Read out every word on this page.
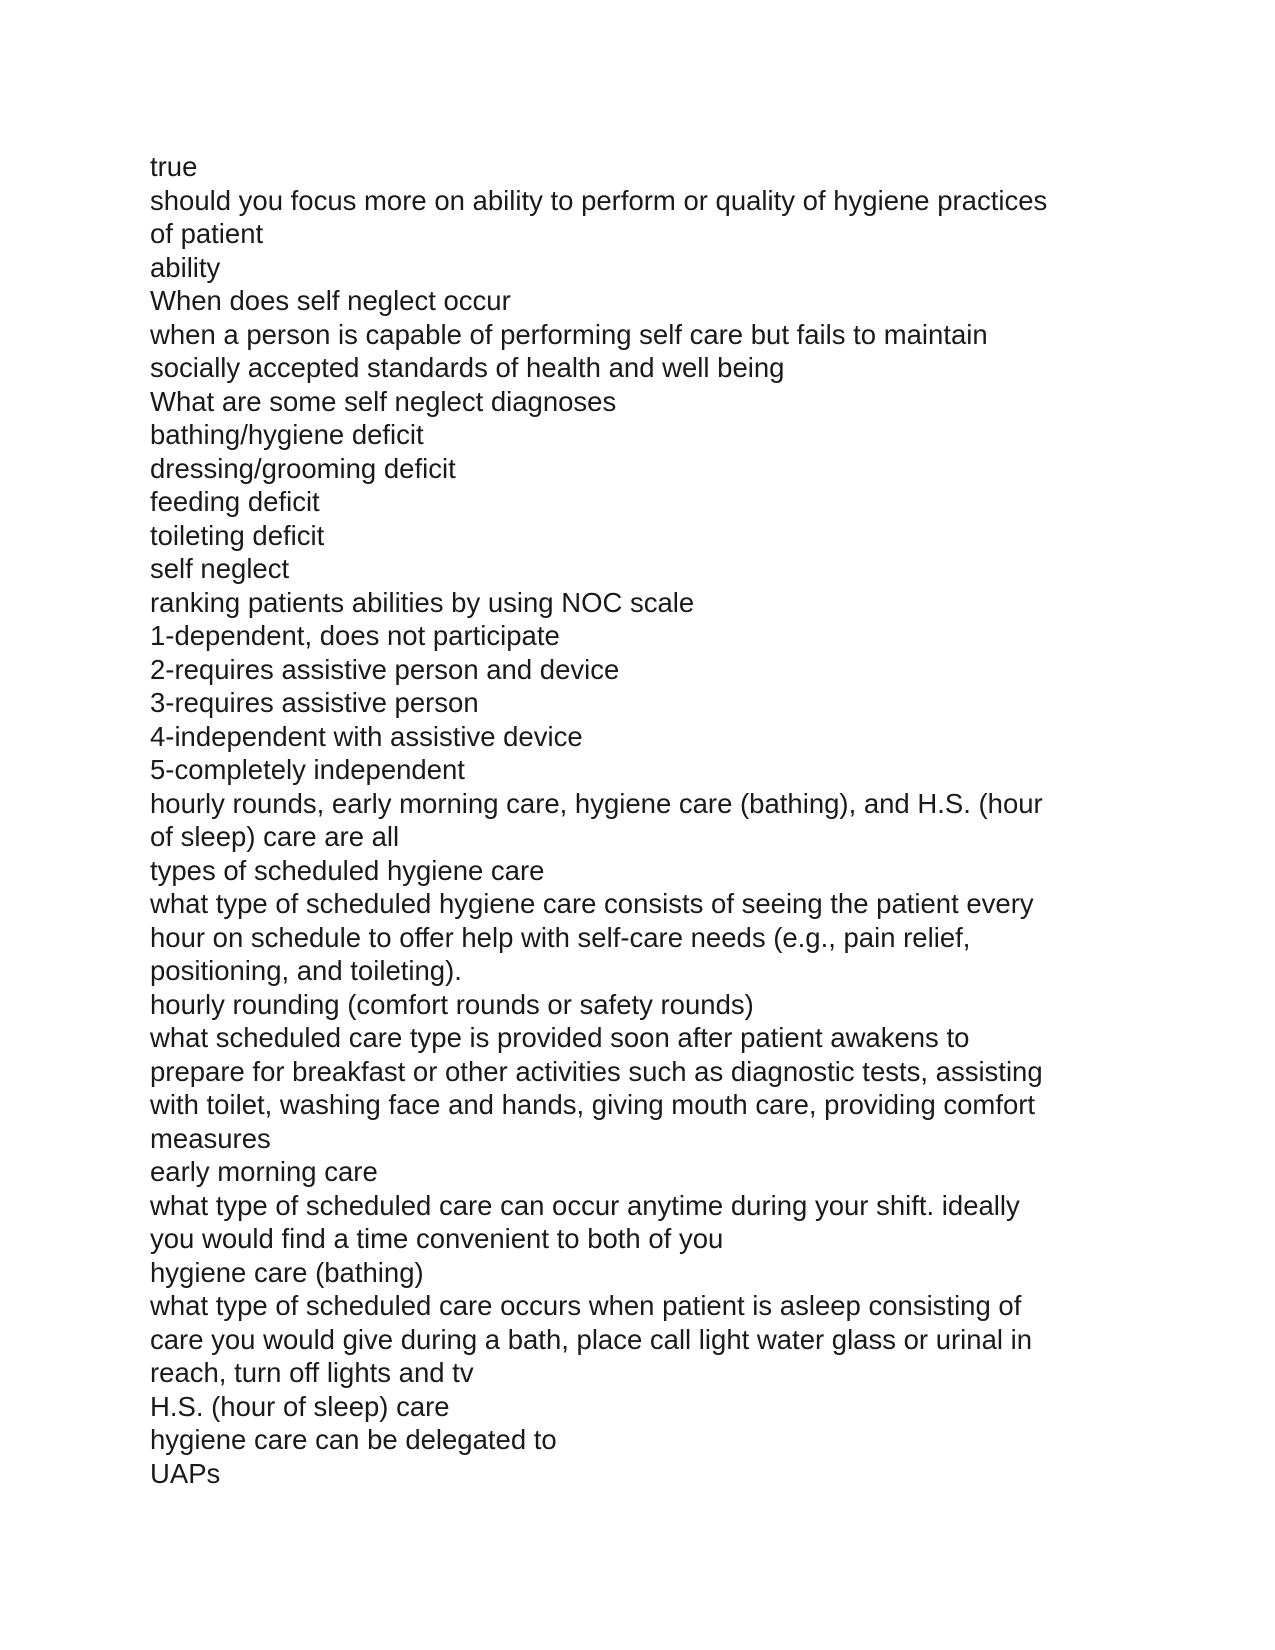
true
should you focus more on ability to perform or quality of hygiene practices
of patient
ability
When does self neglect occur
when a person is capable of performing self care but fails to maintain
socially accepted standards of health and well being
What are some self neglect diagnoses
bathing/hygiene deficit
dressing/grooming deficit
feeding deficit
toileting deficit
self neglect
ranking patients abilities by using NOC scale
1-dependent, does not participate
2-requires assistive person and device
3-requires assistive person
4-independent with assistive device
5-completely independent
hourly rounds, early morning care, hygiene care (bathing), and H.S. (hour
of sleep) care are all
types of scheduled hygiene care
what type of scheduled hygiene care consists of seeing the patient every
hour on schedule to offer help with self-care needs (e.g., pain relief,
positioning, and toileting).
hourly rounding (comfort rounds or safety rounds)
what scheduled care type is provided soon after patient awakens to
prepare for breakfast or other activities such as diagnostic tests, assisting
with toilet, washing face and hands, giving mouth care, providing comfort
measures
early morning care
what type of scheduled care can occur anytime during your shift. ideally
you would find a time convenient to both of you
hygiene care (bathing)
what type of scheduled care occurs when patient is asleep consisting of
care you would give during a bath, place call light water glass or urinal in
reach, turn off lights and tv
H.S. (hour of sleep) care
hygiene care can be delegated to
UAPs
